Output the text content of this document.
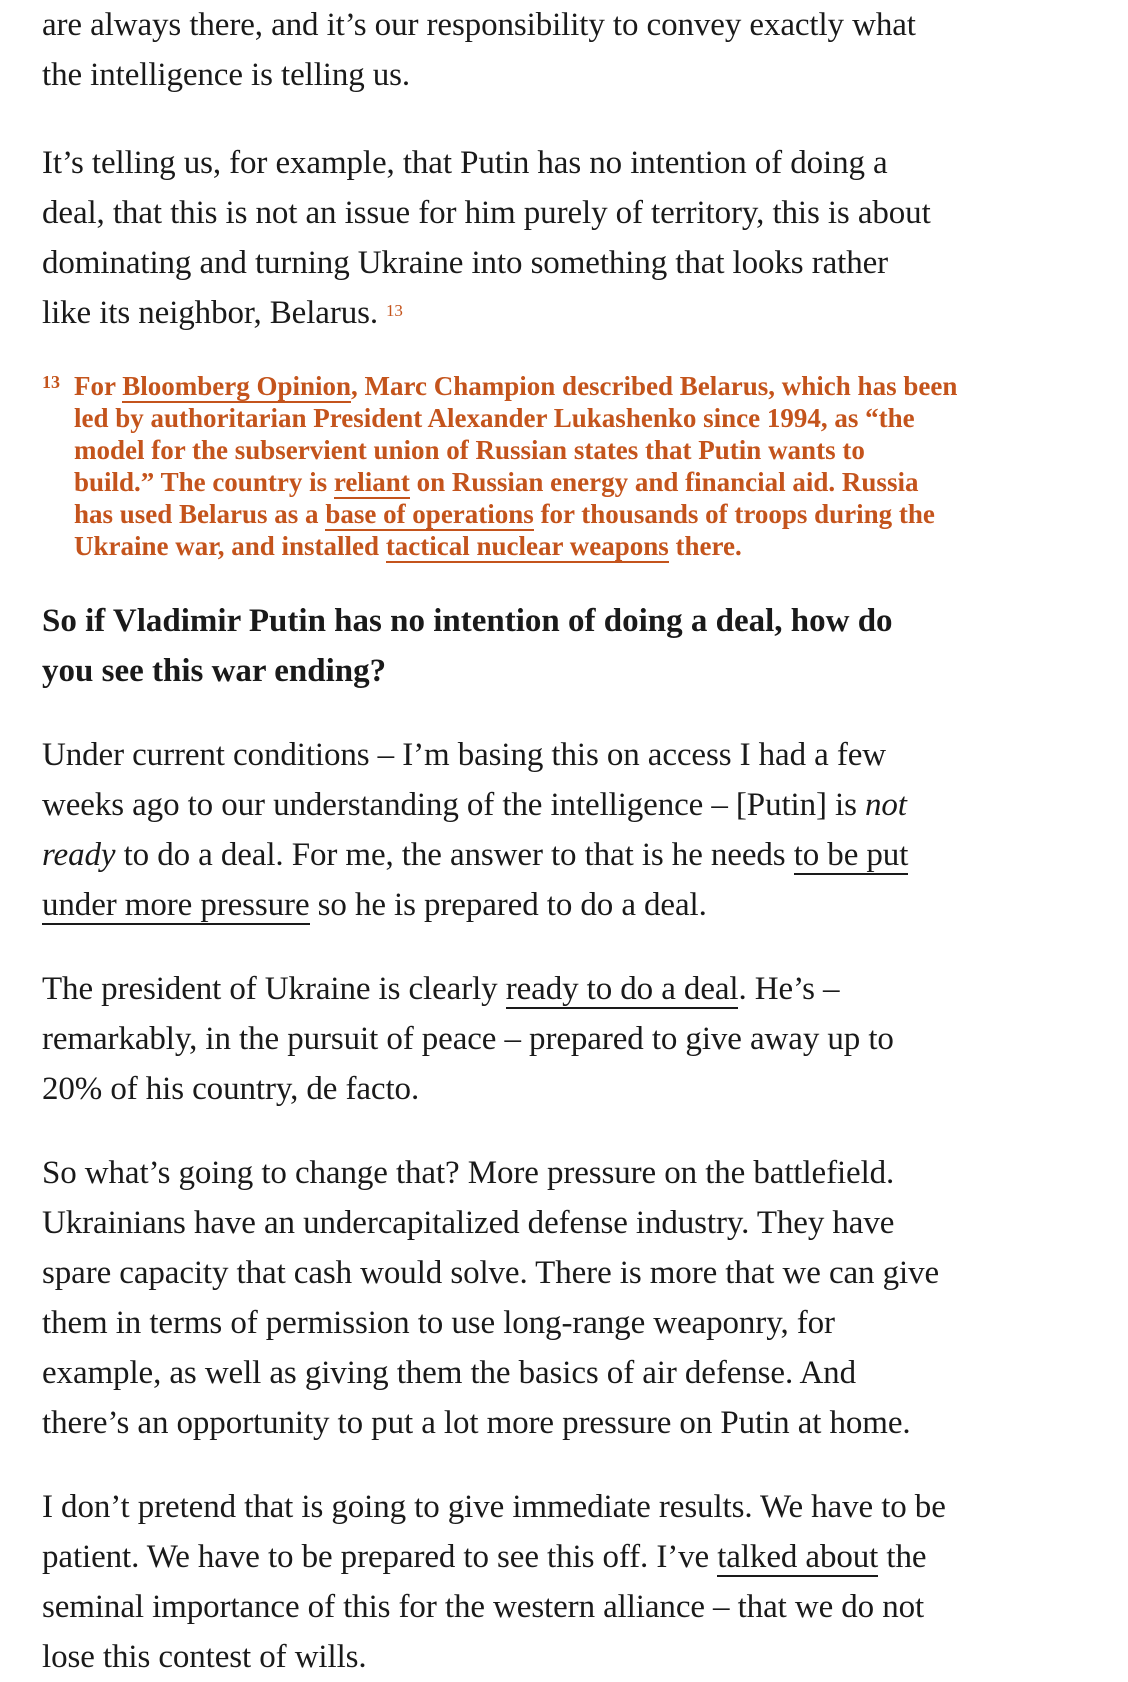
are always there, and it’s our responsibility to convey exactly what
the intelligence is telling us.

It’s telling us, for example, that Putin has no intention of doing a
deal, that this is not an issue for him purely of territory, this is about
dominating and turning Ukraine into something that looks rather
like its neighbor, Belarus. $^{13}$

13 For Bloomberg Opinion, Marc Champion described Belarus, which has been
led by authoritarian President Alexander Lukashenko since 1994, as “the
model for the subservient union of Russian states that Putin wants to
build.” The country is reliant on Russian energy and financial aid. Russia
has used Belarus as a base of operations for thousands of troops during the
Ukraine war, and installed tactical nuclear weapons there.

So if Vladimir Putin has no intention of doing a deal, how do
you see this war ending?

Under current conditions – I’m basing this on access I had a few
weeks ago to our understanding of the intelligence – [Putin] is not
ready to do a deal. For me, the answer to that is he needs to be put
under more pressure so he is prepared to do a deal.

The president of Ukraine is clearly ready to do a deal. He’s –
remarkably, in the pursuit of peace – prepared to give away up to
20% of his country, de facto.

So what’s going to change that? More pressure on the battlefield.
Ukrainians have an undercapitalized defense industry. They have
spare capacity that cash would solve. There is more that we can give
them in terms of permission to use long-range weaponry, for
example, as well as giving them the basics of air defense. And
there’s an opportunity to put a lot more pressure on Putin at home.

I don’t pretend that is going to give immediate results. We have to be
patient. We have to be prepared to see this off. I’ve talked about the
seminal importance of this for the western alliance – that we do not
lose this contest of wills.
